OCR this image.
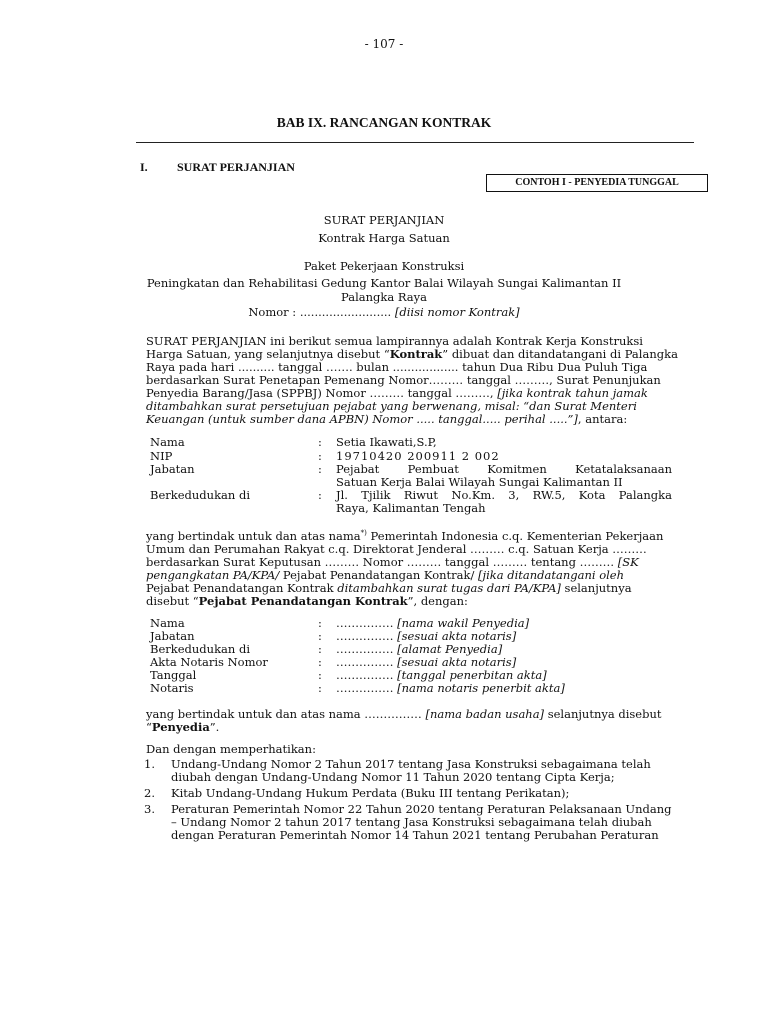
- 107 -
BAB IX. RANCANGAN KONTRAK
I. SURAT PERJANJIAN
CONTOH I - PENYEDIA TUNGGAL
SURAT PERJANJIAN
Kontrak Harga Satuan
Paket Pekerjaan Konstruksi
Peningkatan dan Rehabilitasi Gedung Kantor Balai Wilayah Sungai Kalimantan II
Palangka Raya
Nomor : ......................... [diisi nomor Kontrak]

SURAT PERJANJIAN ini berikut semua lampirannya adalah Kontrak Kerja Konstruksi

Harga Satuan, yang selanjutnya disebut “Kontrak” dibuat dan ditandatangani di Palangka

Raya pada hari .......... tanggal ……. bulan .................. tahun Dua Ribu Dua Puluh Tiga

berdasarkan Surat Penetapan Pemenang Nomor……… tanggal ………, Surat Penunjukan

Penyedia Barang/Jasa (SPPBJ) Nomor ……… tanggal ………, [jika kontrak tahun jamak

ditambahkan surat persetujuan pejabat yang berwenang, misal: “dan Surat Menteri

Keuangan (untuk sumber dana APBN) Nomor ..... tanggal..... perihal .....”], antara:

Nama	: Setia Ikawati,S.P,
NIP	: 19710420 200911 2 002
Jabatan	: Pejabat Pembuat Komitmen Ketatalaksanaan
Satuan Kerja Balai Wilayah Sungai Kalimantan II
Berkedudukan di	: Jl. Tjilik Riwut No.Km. 3, RW.5, Kota Palangka
Raya, Kalimantan Tengah

yang bertindak untuk dan atas nama*) Pemerintah Indonesia c.q. Kementerian Pekerjaan

Umum dan Perumahan Rakyat c.q. Direktorat Jenderal ……… c.q. Satuan Kerja ………

berdasarkan Surat Keputusan ……… Nomor ……… tanggal ……… tentang ……… [SK

pengangkatan PA/KPA/ Pejabat Penandatangan Kontrak/ [jika ditandatangani oleh

Pejabat Penandatangan Kontrak ditambahkan surat tugas dari PA/KPA] selanjutnya

disebut “Pejabat Penandatangan Kontrak”, dengan:

Nama	: …………… [nama wakil Penyedia]
Jabatan	: …………… [sesuai akta notaris]
Berkedudukan di	: …………… [alamat Penyedia]
Akta Notaris Nomor	: …………… [sesuai akta notaris]
Tanggal	: …………… [tanggal penerbitan akta]
Notaris	: …………… [nama notaris penerbit akta]

yang bertindak untuk dan atas nama …………… [nama badan usaha] selanjutnya disebut

“Penyedia”.

Dan dengan memperhatikan:
1. Undang-Undang Nomor 2 Tahun 2017 tentang Jasa Konstruksi sebagaimana telah
diubah dengan Undang-Undang Nomor 11 Tahun 2020 tentang Cipta Kerja;
2. Kitab Undang-Undang Hukum Perdata (Buku III tentang Perikatan);
3. Peraturan Pemerintah Nomor 22 Tahun 2020 tentang Peraturan Pelaksanaan Undang
– Undang Nomor 2 tahun 2017 tentang Jasa Konstruksi sebagaimana telah diubah
dengan Peraturan Pemerintah Nomor 14 Tahun 2021 tentang Perubahan Peraturan
